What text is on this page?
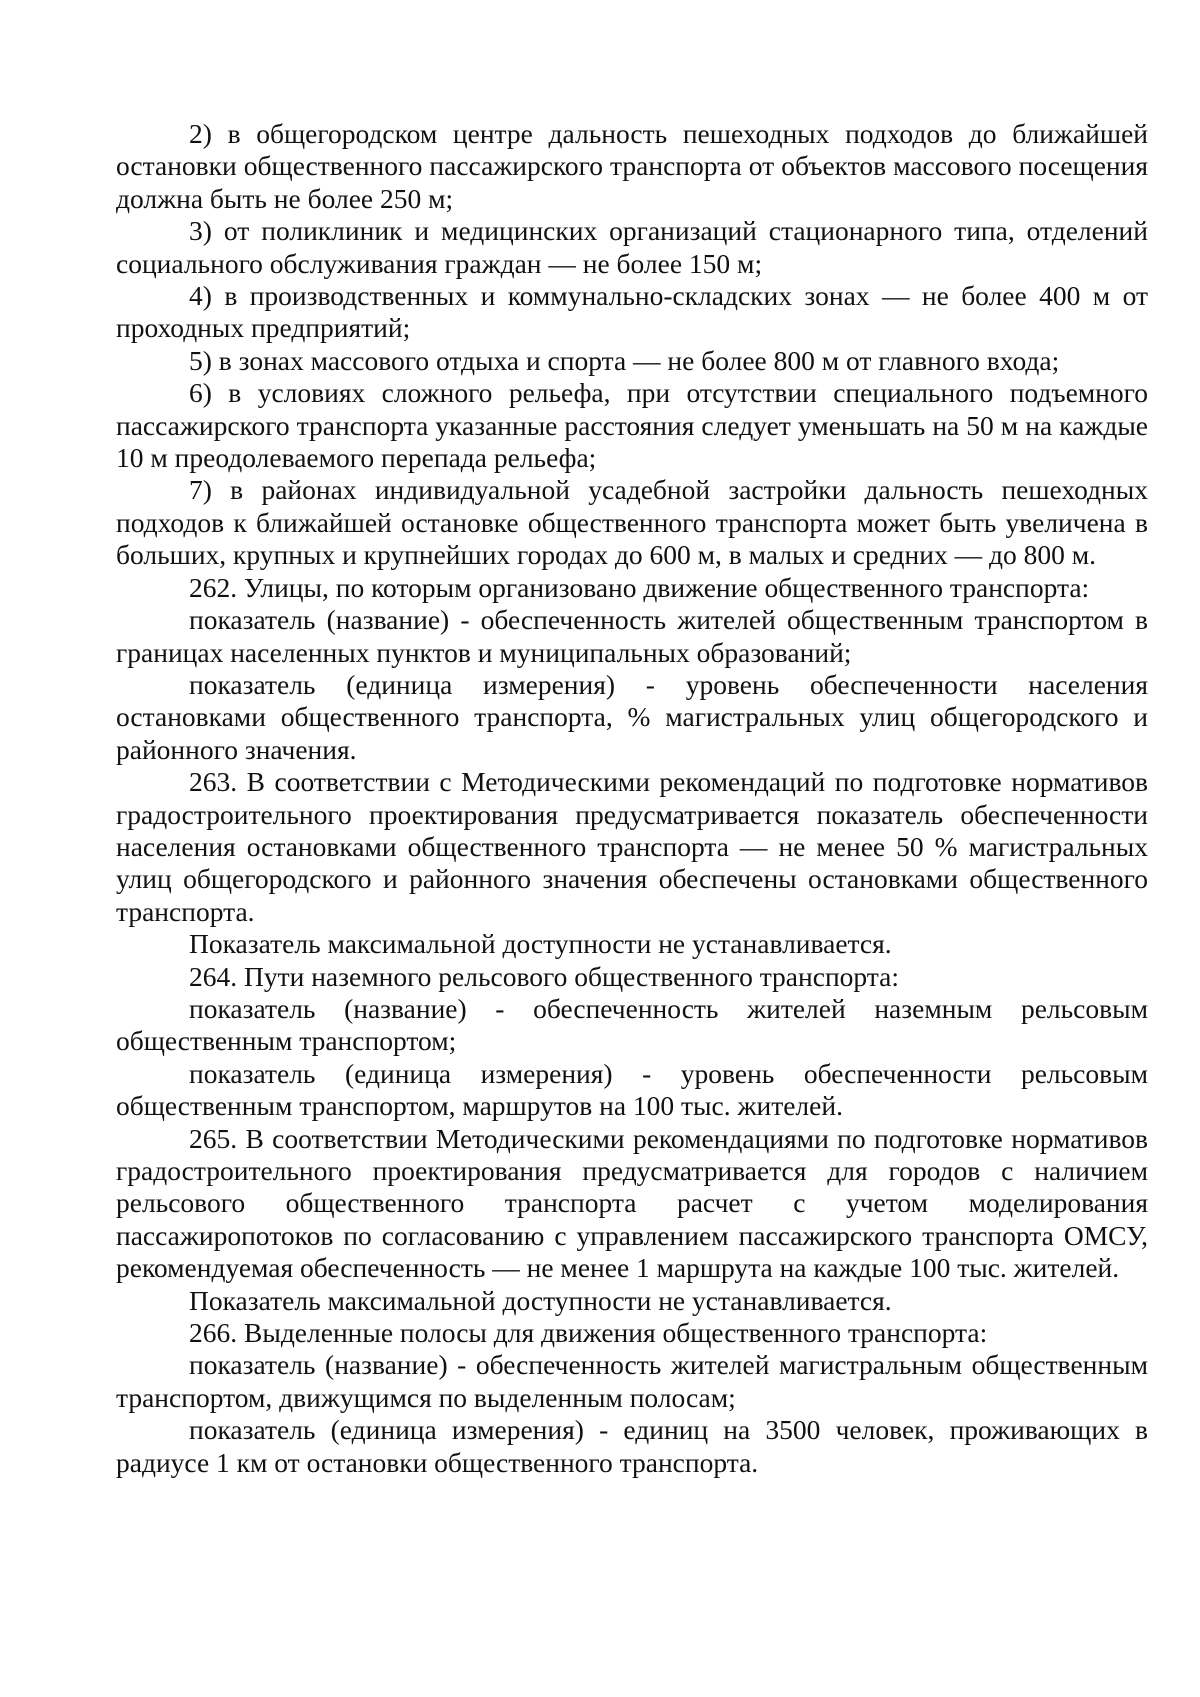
2) в общегородском центре дальность пешеходных подходов до ближайшей остановки общественного пассажирского транспорта от объектов массового посещения должна быть не более 250 м;

3) от поликлиник и медицинских организаций стационарного типа, отделений социального обслуживания граждан — не более 150 м;

4) в производственных и коммунально-складских зонах — не более 400 м от проходных предприятий;

5) в зонах массового отдыха и спорта — не более 800 м от главного входа;

6) в условиях сложного рельефа, при отсутствии специального подъемного пассажирского транспорта указанные расстояния следует уменьшать на 50 м на каждые 10 м преодолеваемого перепада рельефа;

7) в районах индивидуальной усадебной застройки дальность пешеходных подходов к ближайшей остановке общественного транспорта может быть увеличена в больших, крупных и крупнейших городах до 600 м, в малых и средних — до 800 м.

262. Улицы, по которым организовано движение общественного транспорта:

показатель (название) - обеспеченность жителей общественным транспортом в границах населенных пунктов и муниципальных образований;

показатель (единица измерения) - уровень обеспеченности населения остановками общественного транспорта, % магистральных улиц общегородского и районного значения.

263. В соответствии с Методическими рекомендаций по подготовке нормативов градостроительного проектирования предусматривается показатель обеспеченности населения остановками общественного транспорта — не менее 50 % магистральных улиц общегородского и районного значения обеспечены остановками общественного транспорта.

Показатель максимальной доступности не устанавливается.

264. Пути наземного рельсового общественного транспорта:

показатель (название) - обеспеченность жителей наземным рельсовым общественным транспортом;

показатель (единица измерения) - уровень обеспеченности рельсовым общественным транспортом, маршрутов на 100 тыс. жителей.

265. В соответствии Методическими рекомендациями по подготовке нормативов градостроительного проектирования предусматривается для городов с наличием рельсового общественного транспорта расчет с учетом моделирования пассажиропотоков по согласованию с управлением пассажирского транспорта ОМСУ, рекомендуемая обеспеченность — не менее 1 маршрута на каждые 100 тыс. жителей.

Показатель максимальной доступности не устанавливается.

266. Выделенные полосы для движения общественного транспорта:

показатель (название) - обеспеченность жителей магистральным общественным транспортом, движущимся по выделенным полосам;

показатель (единица измерения) - единиц на 3500 человек, проживающих в радиусе 1 км от остановки общественного транспорта.
